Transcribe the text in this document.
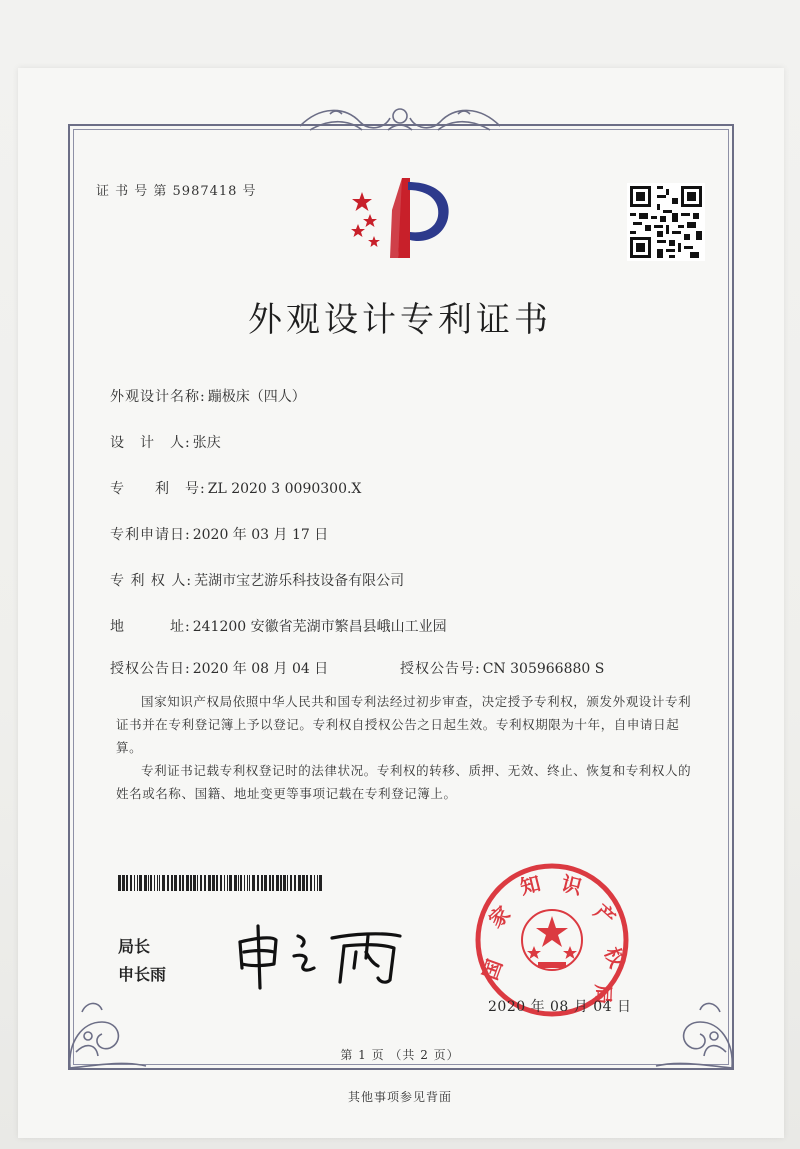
证 书 号 第 5987418 号
外观设计专利证书
外观设计名称: 蹦极床（四人）
设　计　人: 张庆
专　　利　号: ZL 2020 3 0090300.X
专利申请日: 2020 年 03 月 17 日
专 利 权 人: 芜湖市宝艺游乐科技设备有限公司
地　　　址: 241200 安徽省芜湖市繁昌县峨山工业园
授权公告日: 2020 年 08 月 04 日	授权公告号: CN 305966880 S

国家知识产权局依照中华人民共和国专利法经过初步审查，决定授予专利权，颁发外观设计专利证书并在专利登记簿上予以登记。专利权自授权公告之日起生效。专利权期限为十年，自申请日起算。

专利证书记载专利权登记时的法律状况。专利权的转移、质押、无效、终止、恢复和专利权人的姓名或名称、国籍、地址变更等事项记载在专利登记簿上。

局长
申长雨	国
家
知 识
产
权
局
2020 年 08 月 04 日
第 1 页 （共 2 页）
其他事项参见背面
